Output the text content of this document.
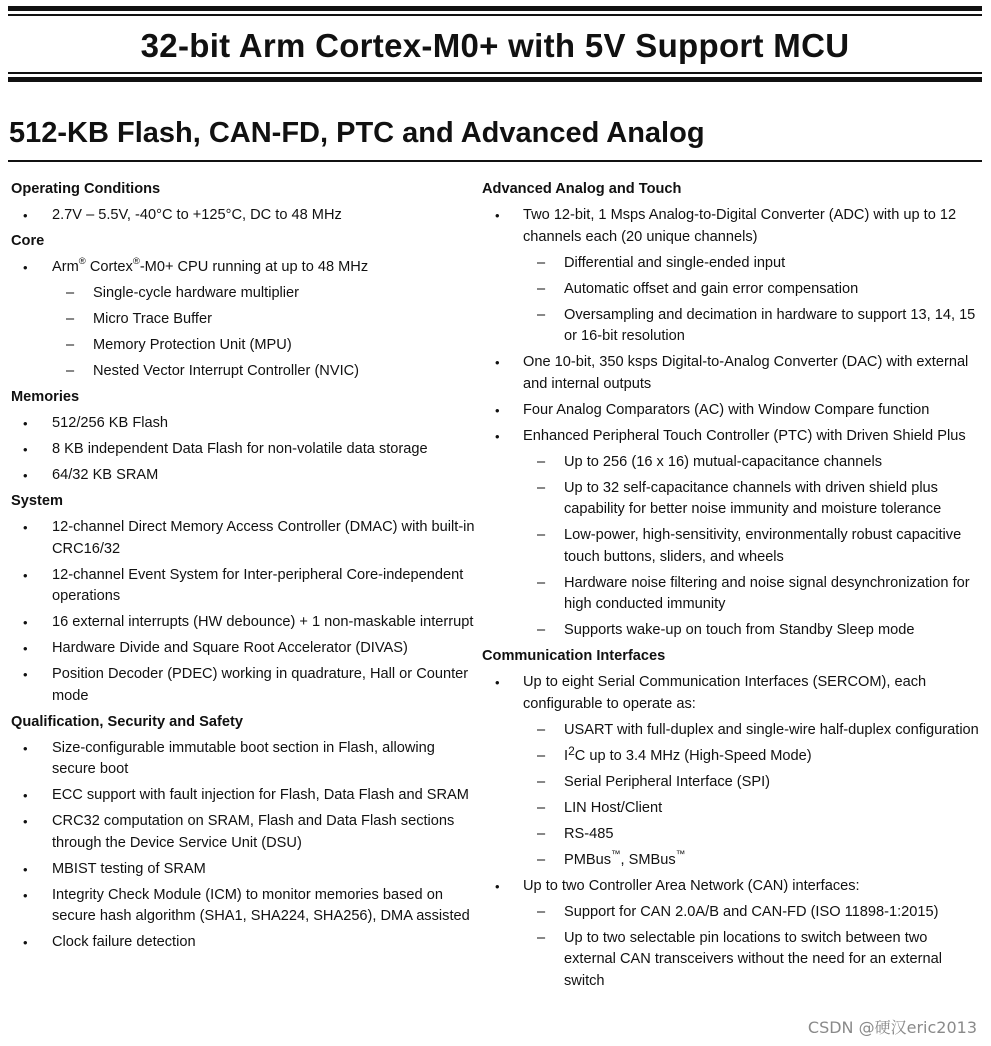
32-bit Arm Cortex-M0+ with 5V Support MCU
512-KB Flash, CAN-FD, PTC and Advanced Analog
Operating Conditions
• 2.7V – 5.5V, -40°C to +125°C, DC to 48 MHz
Core
• Arm® Cortex®-M0+ CPU running at up to 48 MHz
– Single-cycle hardware multiplier
– Micro Trace Buffer
– Memory Protection Unit (MPU)
– Nested Vector Interrupt Controller (NVIC)
Memories
• 512/256 KB Flash
• 8 KB independent Data Flash for non-volatile data storage
• 64/32 KB SRAM
System
• 12-channel Direct Memory Access Controller (DMAC) with built-in CRC16/32
• 12-channel Event System for Inter-peripheral Core-independent operations
• 16 external interrupts (HW debounce) + 1 non-maskable interrupt
• Hardware Divide and Square Root Accelerator (DIVAS)
• Position Decoder (PDEC) working in quadrature, Hall or Counter mode
Qualification, Security and Safety
• Size-configurable immutable boot section in Flash, allowing secure boot
• ECC support with fault injection for Flash, Data Flash and SRAM
• CRC32 computation on SRAM, Flash and Data Flash sections through the Device Service Unit (DSU)
• MBIST testing of SRAM
• Integrity Check Module (ICM) to monitor memories based on secure hash algorithm (SHA1, SHA224, SHA256), DMA assisted
• Clock failure detection
Advanced Analog and Touch
• Two 12-bit, 1 Msps Analog-to-Digital Converter (ADC) with up to 12 channels each (20 unique channels)
– Differential and single-ended input
– Automatic offset and gain error compensation
– Oversampling and decimation in hardware to support 13, 14, 15 or 16-bit resolution
• One 10-bit, 350 ksps Digital-to-Analog Converter (DAC) with external and internal outputs
• Four Analog Comparators (AC) with Window Compare function
• Enhanced Peripheral Touch Controller (PTC) with Driven Shield Plus
– Up to 256 (16 x 16) mutual-capacitance channels
– Up to 32 self-capacitance channels with driven shield plus capability for better noise immunity and moisture tolerance
– Low-power, high-sensitivity, environmentally robust capacitive touch buttons, sliders, and wheels
– Hardware noise filtering and noise signal desynchronization for high conducted immunity
– Supports wake-up on touch from Standby Sleep mode
Communication Interfaces
• Up to eight Serial Communication Interfaces (SERCOM), each configurable to operate as:
– USART with full-duplex and single-wire half-duplex configuration
– $I^2C$ up to 3.4 MHz (High-Speed Mode)
– Serial Peripheral Interface (SPI)
– LIN Host/Client
– RS-485
– PMBus™, SMBus™
• Up to two Controller Area Network (CAN) interfaces:
– Support for CAN 2.0A/B and CAN-FD (ISO 11898-1:2015)
– Up to two selectable pin locations to switch between two external CAN transceivers without the need for an external switch
CSDN @硬汉eric2013
